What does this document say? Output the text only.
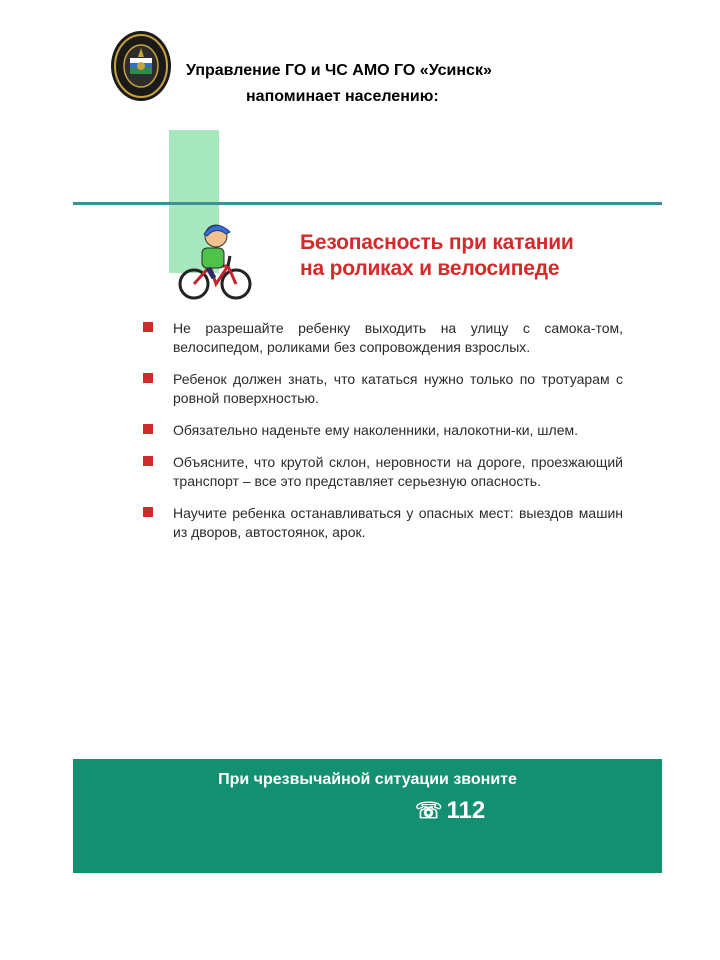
Управление ГО и ЧС АМО ГО «Усинск»
напоминает населению:
Безопасность при катании
на роликах и велосипеде
Не разрешайте ребенку выходить на улицу с самока-том, велосипедом, роликами без сопровождения взрослых.
Ребенок должен знать, что кататься нужно только по тротуарам с ровной поверхностью.
Обязательно наденьте ему наколенники, налокотни-ки, шлем.
Объясните, что крутой склон, неровности на дороге, проезжающий транспорт – все это представляет серьезную опасность.
Научите ребенка останавливаться у опасных мест: выездов машин из дворов, автостоянок, арок.
При чрезвычайной ситуации звоните
☏ 112
